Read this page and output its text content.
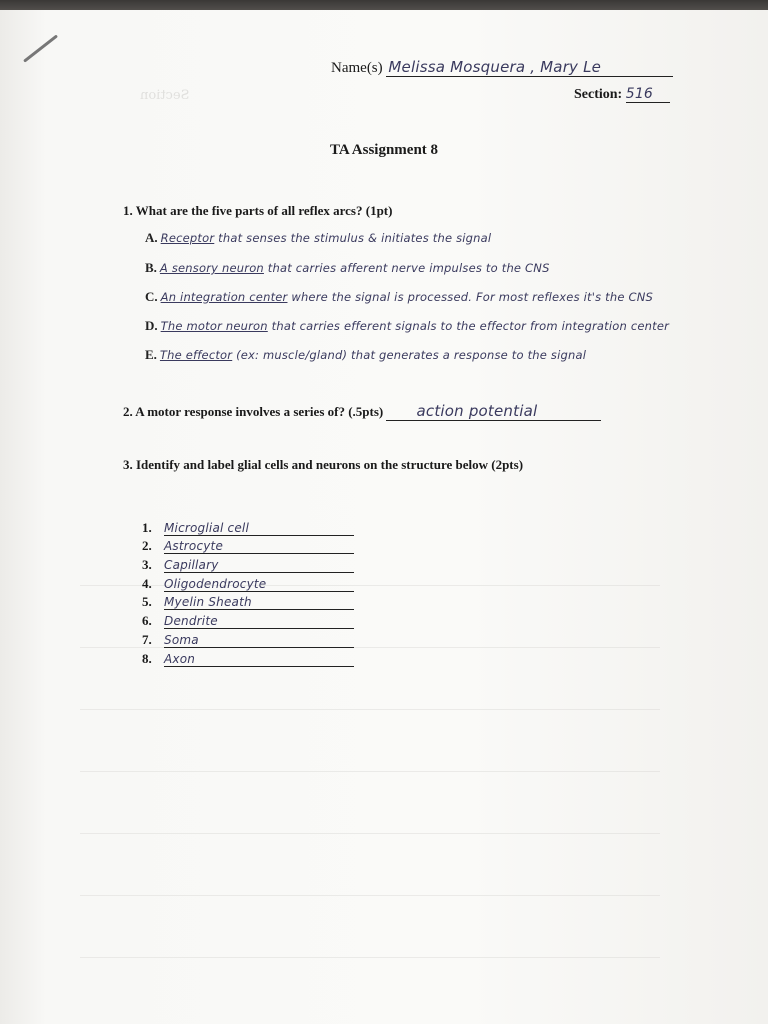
Section
Name(s) Melissa Mosquera , Mary Le
Section: 516
TA Assignment 8
1. What are the five parts of all reflex arcs? (1pt)
A. Receptor that senses the stimulus & initiates the signal
B. A sensory neuron that carries afferent nerve impulses to the CNS
C. An integration center where the signal is processed. For most reflexes it's the CNS
D. The motor neuron that carries efferent signals to the effector from integration center
E. The effector (ex: muscle/gland) that generates a response to the signal
2. A motor response involves a series of? (.5pts) action potential
3. Identify and label glial cells and neurons on the structure below (2pts)
1. Microglial cell
2. Astrocyte
3. Capillary
4. Oligodendrocyte
5. Myelin Sheath
6. Dendrite
7. Soma
8. Axon
